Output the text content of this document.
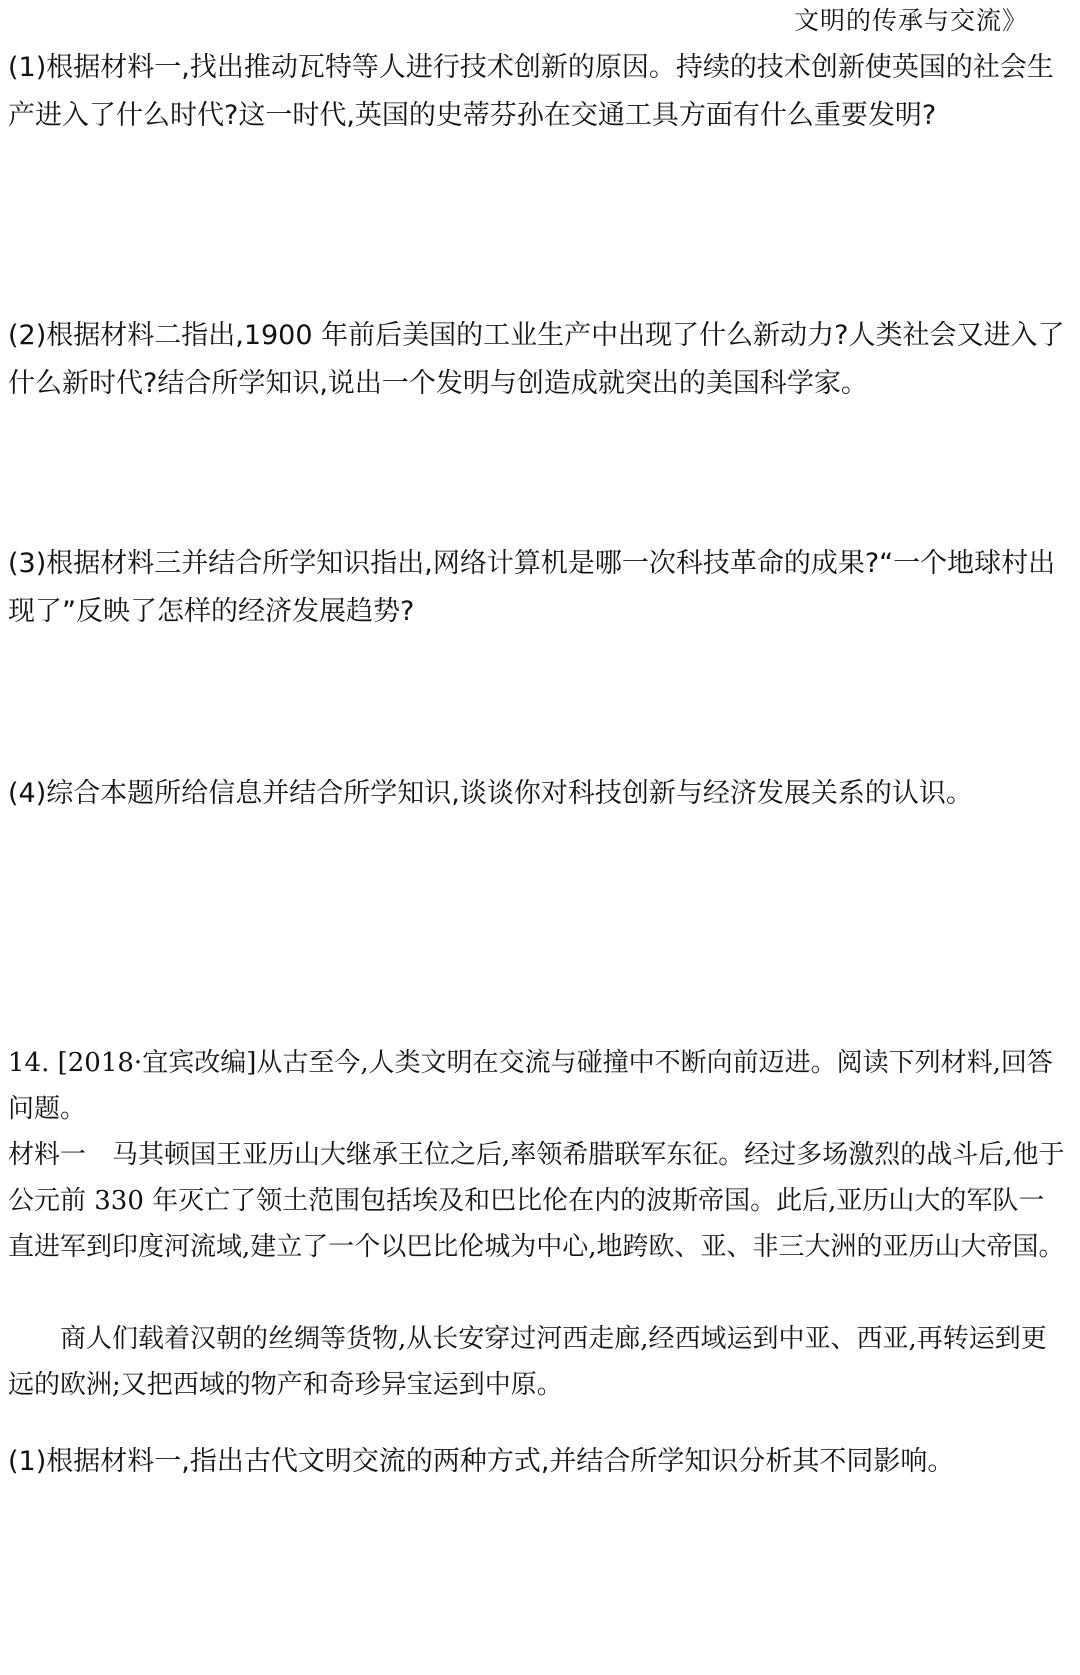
文明的传承与交流》

(1)根据材料一,找出推动瓦特等人进行技术创新的原因。持续的技术创新使英国的社会生产进入了什么时代?这一时代,英国的史蒂芬孙在交通工具方面有什么重要发明?

(2)根据材料二指出,1900 年前后美国的工业生产中出现了什么新动力?人类社会又进入了什么新时代?结合所学知识,说出一个发明与创造成就突出的美国科学家。

(3)根据材料三并结合所学知识指出,网络计算机是哪一次科技革命的成果?“一个地球村出现了”反映了怎样的经济发展趋势?

(4)综合本题所给信息并结合所学知识,谈谈你对科技创新与经济发展关系的认识。

14. [2018·宜宾改编]从古至今,人类文明在交流与碰撞中不断向前迈进。阅读下列材料,回答问题。

材料一　马其顿国王亚历山大继承王位之后,率领希腊联军东征。经过多场激烈的战斗后,他于公元前 330 年灭亡了领土范围包括埃及和巴比伦在内的波斯帝国。此后,亚历山大的军队一直进军到印度河流域,建立了一个以巴比伦城为中心,地跨欧、亚、非三大洲的亚历山大帝国。

商人们载着汉朝的丝绸等货物,从长安穿过河西走廊,经西域运到中亚、西亚,再转运到更远的欧洲;又把西域的物产和奇珍异宝运到中原。

(1)根据材料一,指出古代文明交流的两种方式,并结合所学知识分析其不同影响。
